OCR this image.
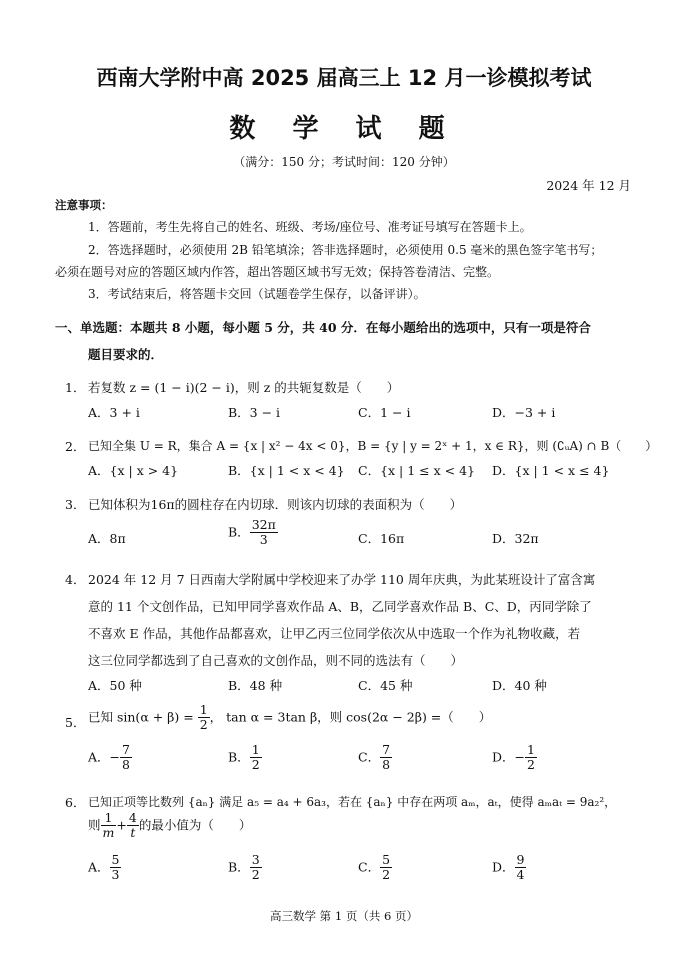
西南大学附中高 2025 届高三上 12 月一诊模拟考试
数 学 试 题
（满分：150 分；考试时间：120 分钟）
2024 年 12 月
注意事项：
1．答题前，考生先将自己的姓名、班级、考场/座位号、准考证号填写在答题卡上。
2．答选择题时，必须使用 2B 铅笔填涂；答非选择题时，必须使用 0.5 毫米的黑色签字笔书写；
必须在题号对应的答题区域内作答，超出答题区域书写无效；保持答卷清洁、完整。
3．考试结束后，将答题卡交回（试题卷学生保存，以备评讲）。
一、单选题：本题共 8 小题，每小题 5 分，共 40 分．在每小题给出的选项中，只有一项是符合
题目要求的．
1． 若复数 z = (1 − i)(2 − i)，则 z 的共轭复数是（　　）
A．3 + i	B．3 − i	C．1 − i	D．−3 + i
2． 已知全集 U = R，集合 A = {x | x² − 4x < 0}，B = {y | y = 2ˣ + 1，x ∈ R}，则 (∁ᵤA) ∩ B（　　）
A．{x | x > 4}	B．{x | 1 < x < 4} C．{x | 1 ≤ x < 4} D．{x | 1 < x ≤ 4}
3． 已知体积为16π的圆柱存在内切球．则该内切球的表面积为（　　）
A．8π	B． $\frac{32\pi}{3}$	C．16π	D．32π
4． 2024 年 12 月 7 日西南大学附属中学校迎来了办学 110 周年庆典，为此某班设计了富含寓
意的 11 个文创作品，已知甲同学喜欢作品 A、B，乙同学喜欢作品 B、C、D，丙同学除了
不喜欢 E 作品，其他作品都喜欢，让甲乙丙三位同学依次从中选取一个作为礼物收藏，若
这三位同学都选到了自己喜欢的文创作品，则不同的选法有（　　）
A．50 种	B．48 种	C．45 种	D．40 种
5． 已知 $\sin(\alpha + \beta) = \frac{1}{2}$ ， tan α = 3tan β，则 cos(2α − 2β) =（　　）
A．− $\frac{7}{8}$	B． $\frac{1}{2}$	C． $\frac{7}{8}$	D．− $\frac{1}{2}$
6． 已知正项等比数列 {aₙ} 满足 a₅ = a₄ + 6a₃，若在 {aₙ} 中存在两项 aₘ，aₜ，使得 aₘaₜ = 9a₂²，
则 $\frac{1}{m} + \frac{4}{t}$ 的最小值为（　　）
A． $\frac{5}{3}$	B． $\frac{3}{2}$	C． $\frac{5}{2}$	D． $\frac{9}{4}$
高三数学 第 1 页（共 6 页）
